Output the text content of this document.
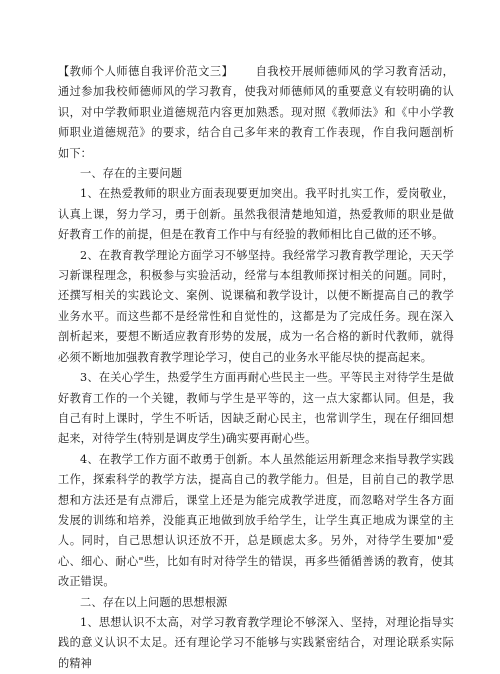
【教师个人师德自我评价范文三】 自我校开展师德师风的学习教育活动，通过参加我校师德师风的学习教育，使我对师德师风的重要意义有较明确的认识，对中学教师职业道德规范内容更加熟悉。现对照《教师法》和《中小学教师职业道德规范》的要求，结合自己多年来的教育工作表现，作自我问题剖析如下：

一、存在的主要问题

1、在热爱教师的职业方面表现要更加突出。我平时扎实工作，爱岗敬业，认真上课，努力学习，勇于创新。虽然我很清楚地知道，热爱教师的职业是做好教育工作的前提，但是在教育工作中与有经验的教师相比自己做的还不够。

2、在教育教学理论方面学习不够坚持。我经常学习教育教学理论，天天学习新课程理念，积极参与实验活动，经常与本组教师探讨相关的问题。同时，还撰写相关的实践论文、案例、说课稿和教学设计，以便不断提高自己的教学业务水平。而这些都不是经常性和自觉性的，这都是为了完成任务。现在深入剖析起来，要想不断适应教育形势的发展，成为一名合格的新时代教师，就得必须不断地加强教育教学理论学习，使自己的业务水平能尽快的提高起来。

3、在关心学生，热爱学生方面再耐心些民主一些。平等民主对待学生是做好教育工作的一个关键，教师与学生是平等的，这一点大家都认同。但是，我自己有时上课时，学生不听话，因缺乏耐心民主，也常训学生，现在仔细回想起来，对待学生(特别是调皮学生)确实要再耐心些。

4、在教学工作方面不敢勇于创新。本人虽然能运用新理念来指导教学实践工作，探索科学的教学方法，提高自己的教学能力。但是，目前自己的教学思想和方法还是有点滞后，课堂上还是为能完成教学进度，而忽略对学生各方面发展的训练和培养，没能真正地做到放手给学生，让学生真正地成为课堂的主人。同时，自己思想认识还放不开，总是顾虑太多。另外，对待学生要加"爱心、细心、耐心"些，比如有时对待学生的错误，再多些循循善诱的教育，使其改正错误。

二、存在以上问题的思想根源

1、思想认识不太高，对学习教育教学理论不够深入、坚持，对理论指导实践的意义认识不太足。还有理论学习不能够与实践紧密结合，对理论联系实际的精神
